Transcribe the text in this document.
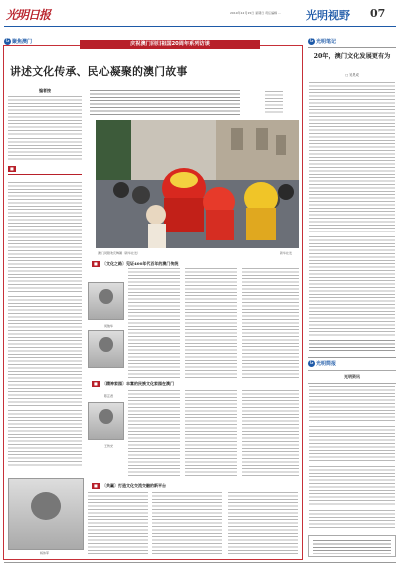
光明日报	2019年12月15日 星期日 责任编辑 ... 光明视野 07
G 聚焦澳门	庆祝澳门回归祖国20周年系列访谈
讲述文化传承、民心凝聚的澳门故事
编者按
■
澳门同胞欢庆舞狮（新华社发）	新华社发
■	〔文化之路〕见证400年代百年的澳门传统
何俊华
陈芷君
■	〔精神家园〕丰富的民族文化家园在澳门
王传光
■	〔共赢〕打造文化交流交融的新平台
杨伟军
G 光明笔记
20年，澳门文化发展更有为
□ 吴昊成
G 光明简报
光明资讯
